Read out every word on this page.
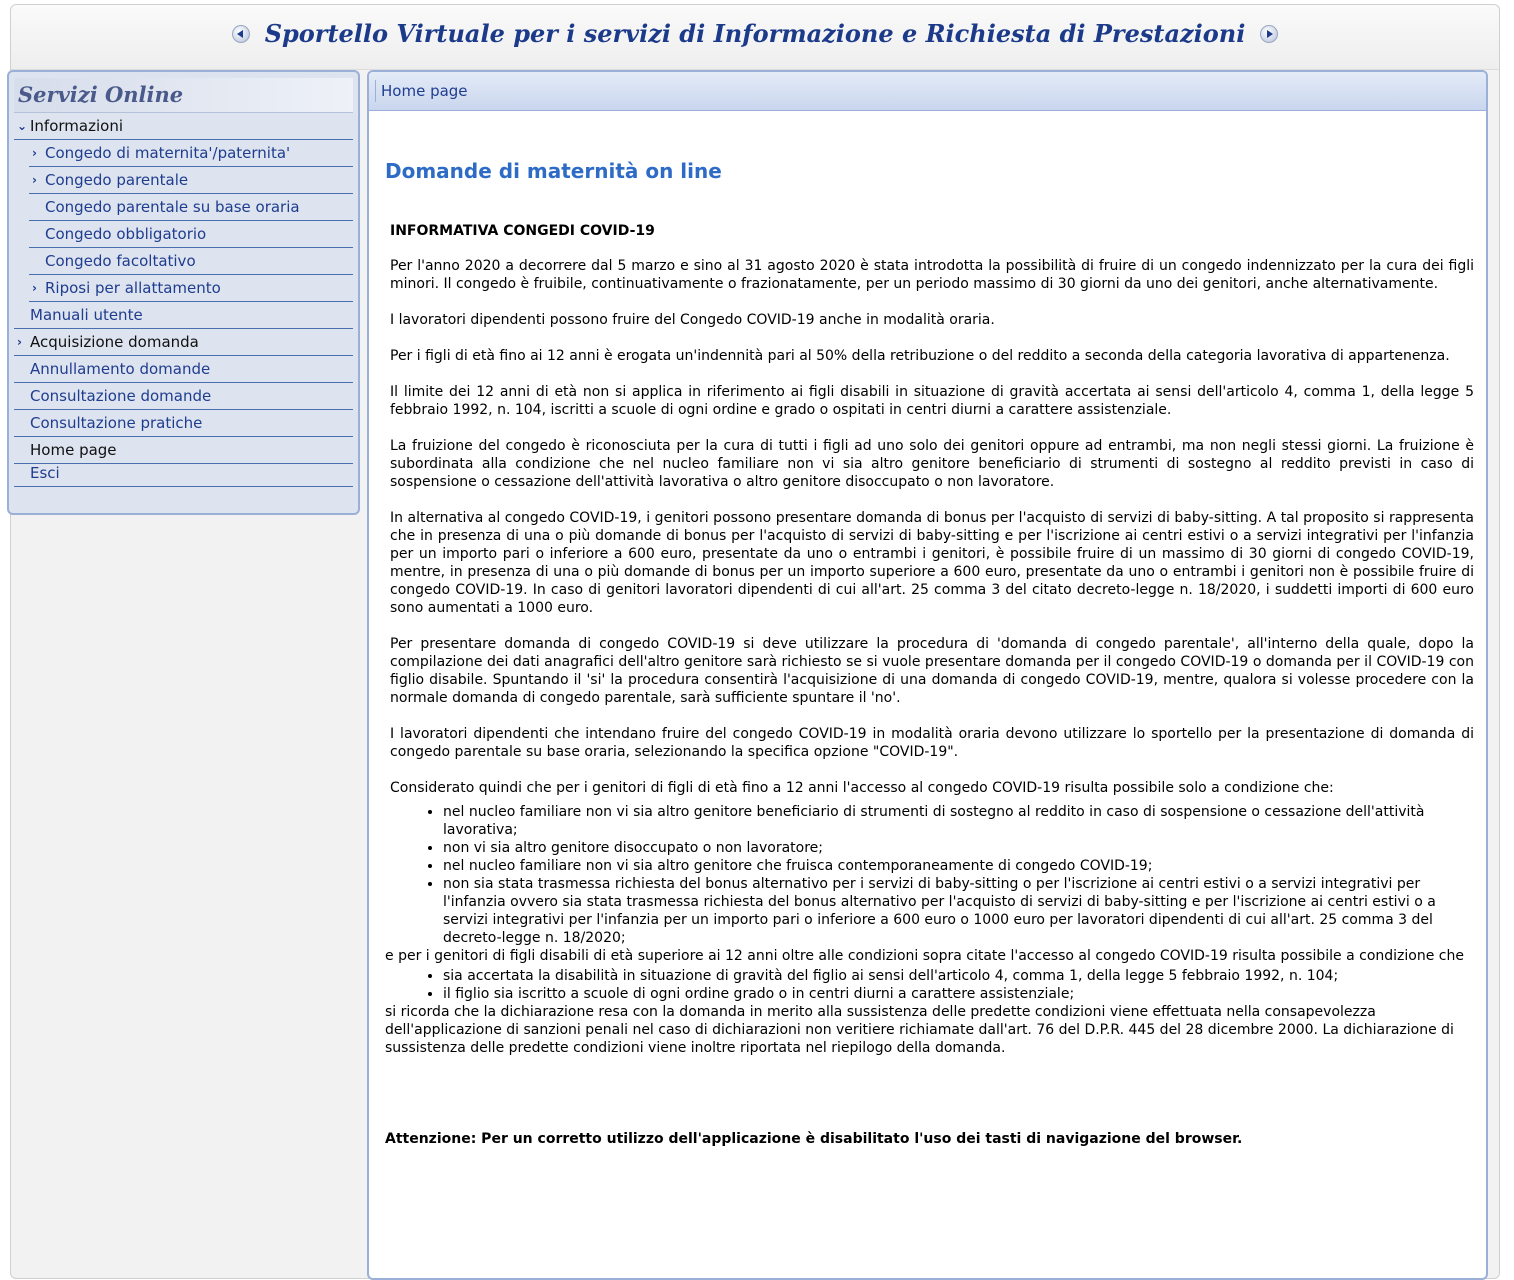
Sportello Virtuale per i servizi di Informazione e Richiesta di Prestazioni
Servizi Online
⌄ Informazioni
› Congedo di maternita'/paternita'
› Congedo parentale
Congedo parentale su base oraria
Congedo obbligatorio
Congedo facoltativo
› Riposi per allattamento
Manuali utente
› Acquisizione domanda
Annullamento domande
Consultazione domande
Consultazione pratiche
Home page
Esci
Home page
Domande di maternità on line
INFORMATIVA CONGEDI COVID-19

Per l'anno 2020 a decorrere dal 5 marzo e sino al 31 agosto 2020 è stata introdotta la possibilità di fruire di un congedo indennizzato per la cura dei figli minori. Il congedo è fruibile, continuativamente o frazionatamente, per un periodo massimo di 30 giorni da uno dei genitori, anche alternativamente.

I lavoratori dipendenti possono fruire del Congedo COVID-19 anche in modalità oraria.

Per i figli di età fino ai 12 anni è erogata un'indennità pari al 50% della retribuzione o del reddito a seconda della categoria lavorativa di appartenenza.

Il limite dei 12 anni di età non si applica in riferimento ai figli disabili in situazione di gravità accertata ai sensi dell'articolo 4, comma 1, della legge 5 febbraio 1992, n. 104, iscritti a scuole di ogni ordine e grado o ospitati in centri diurni a carattere assistenziale.

La fruizione del congedo è riconosciuta per la cura di tutti i figli ad uno solo dei genitori oppure ad entrambi, ma non negli stessi giorni. La fruizione è subordinata alla condizione che nel nucleo familiare non vi sia altro genitore beneficiario di strumenti di sostegno al reddito previsti in caso di sospensione o cessazione dell'attività lavorativa o altro genitore disoccupato o non lavoratore.

In alternativa al congedo COVID-19, i genitori possono presentare domanda di bonus per l'acquisto di servizi di baby-sitting. A tal proposito si rappresenta che in presenza di una o più domande di bonus per l'acquisto di servizi di baby-sitting e per l'iscrizione ai centri estivi o a servizi integrativi per l'infanzia per un importo pari o inferiore a 600 euro, presentate da uno o entrambi i genitori, è possibile fruire di un massimo di 30 giorni di congedo COVID-19, mentre, in presenza di una o più domande di bonus per un importo superiore a 600 euro, presentate da uno o entrambi i genitori non è possibile fruire di congedo COVID-19. In caso di genitori lavoratori dipendenti di cui all'art. 25 comma 3 del citato decreto-legge n. 18/2020, i suddetti importi di 600 euro sono aumentati a 1000 euro.

Per presentare domanda di congedo COVID-19 si deve utilizzare la procedura di 'domanda di congedo parentale', all'interno della quale, dopo la compilazione dei dati anagrafici dell'altro genitore sarà richiesto se si vuole presentare domanda per il congedo COVID-19 o domanda per il COVID-19 con figlio disabile. Spuntando il 'si' la procedura consentirà l'acquisizione di una domanda di congedo COVID-19, mentre, qualora si volesse procedere con la normale domanda di congedo parentale, sarà sufficiente spuntare il 'no'.

I lavoratori dipendenti che intendano fruire del congedo COVID-19 in modalità oraria devono utilizzare lo sportello per la presentazione di domanda di congedo parentale su base oraria, selezionando la specifica opzione "COVID-19".

Considerato quindi che per i genitori di figli di età fino a 12 anni l'accesso al congedo COVID-19 risulta possibile solo a condizione che:

• nel nucleo familiare non vi sia altro genitore beneficiario di strumenti di sostegno al reddito in caso di sospensione o cessazione dell'attività lavorativa;
• non vi sia altro genitore disoccupato o non lavoratore;
• nel nucleo familiare non vi sia altro genitore che fruisca contemporaneamente di congedo COVID-19;
• non sia stata trasmessa richiesta del bonus alternativo per i servizi di baby-sitting o per l'iscrizione ai centri estivi o a servizi integrativi per l'infanzia ovvero sia stata trasmessa richiesta del bonus alternativo per l'acquisto di servizi di baby-sitting e per l'iscrizione ai centri estivi o a servizi integrativi per l'infanzia per un importo pari o inferiore a 600 euro o 1000 euro per lavoratori dipendenti di cui all'art. 25 comma 3 del decreto-legge n. 18/2020;

e per i genitori di figli disabili di età superiore ai 12 anni oltre alle condizioni sopra citate l'accesso al congedo COVID-19 risulta possibile a condizione che

• sia accertata la disabilità in situazione di gravità del figlio ai sensi dell'articolo 4, comma 1, della legge 5 febbraio 1992, n. 104;
• il figlio sia iscritto a scuole di ogni ordine grado o in centri diurni a carattere assistenziale;

si ricorda che la dichiarazione resa con la domanda in merito alla sussistenza delle predette condizioni viene effettuata nella consapevolezza dell'applicazione di sanzioni penali nel caso di dichiarazioni non veritiere richiamate dall'art. 76 del D.P.R. 445 del 28 dicembre 2000. La dichiarazione di sussistenza delle predette condizioni viene inoltre riportata nel riepilogo della domanda.

Attenzione: Per un corretto utilizzo dell'applicazione è disabilitato l'uso dei tasti di navigazione del browser.
